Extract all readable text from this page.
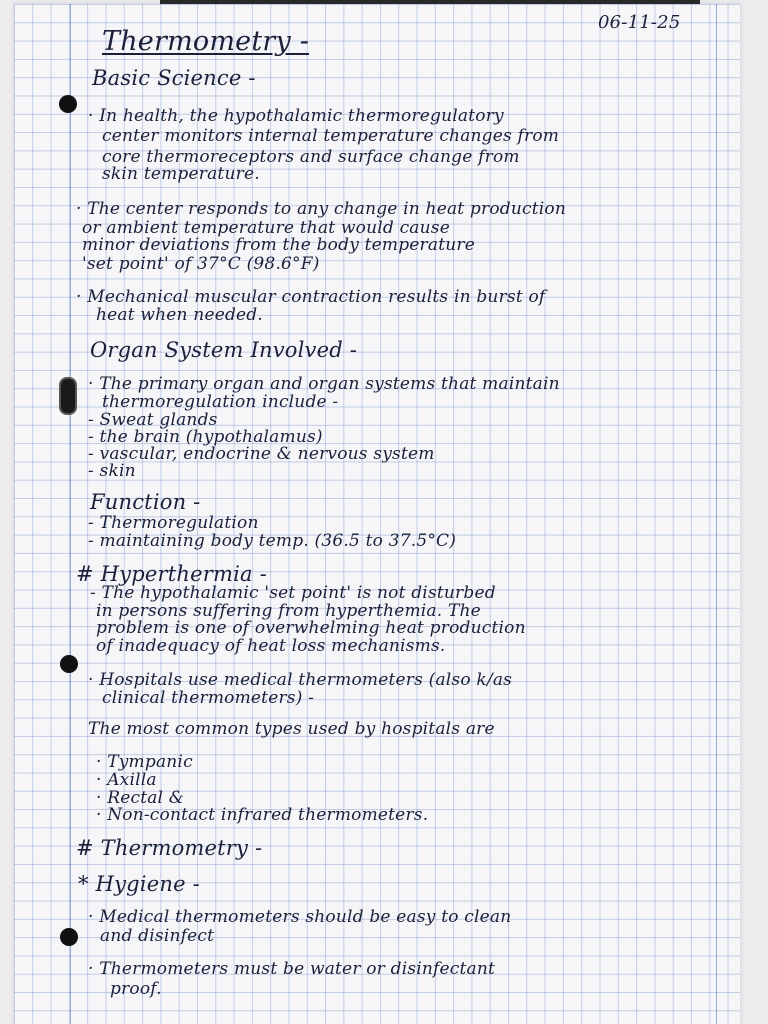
06-11-25

Thermometry -

Basic Science -

· In health, the hypothalamic thermoregulatory

center monitors internal temperature changes from

core thermoreceptors and surface change from

skin temperature.

· The center responds to any change in heat production

or ambient temperature that would cause

minor deviations from the body temperature

'set point' of 37°C (98.6°F)

· Mechanical muscular contraction results in burst of

heat when needed.

Organ System Involved -

· The primary organ and organ systems that maintain

thermoregulation include -

- Sweat glands

- the brain (hypothalamus)

- vascular, endocrine & nervous system

- skin

Function -

- Thermoregulation

- maintaining body temp. (36.5 to 37.5°C)

# Hyperthermia -

- The hypothalamic 'set point' is not disturbed

in persons suffering from hyperthemia. The

problem is one of overwhelming heat production

of inadequacy of heat loss mechanisms.

· Hospitals use medical thermometers (also k/as

clinical thermometers) -

The most common types used by hospitals are

· Tympanic

· Axilla

· Rectal &

· Non-contact infrared thermometers.

# Thermometry -

* Hygiene -

· Medical thermometers should be easy to clean

and disinfect

· Thermometers must be water or disinfectant

proof.
